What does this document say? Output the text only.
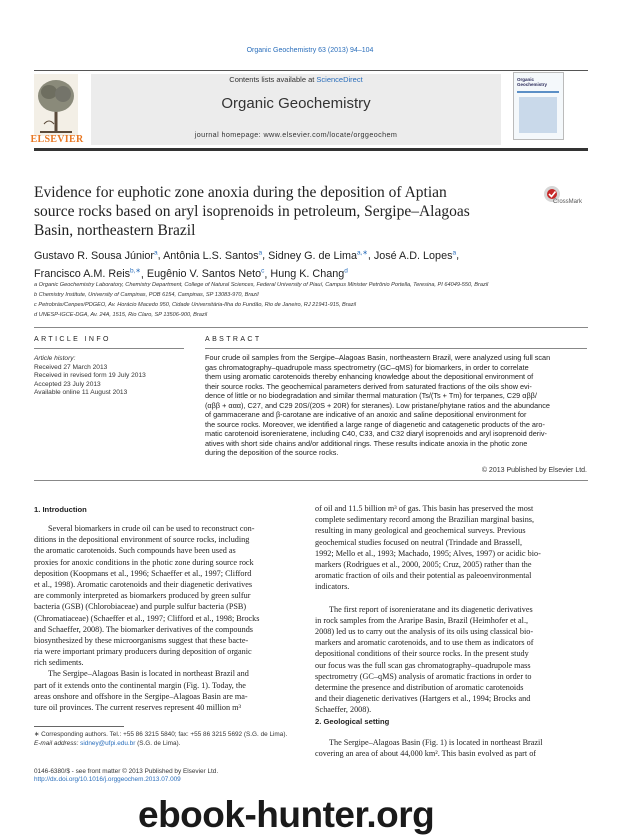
Organic Geochemistry 63 (2013) 94–104
ELSEVIER
Contents lists available at ScienceDirect
Organic Geochemistry
journal homepage: www.elsevier.com/locate/orggeochem
Organic Geochemistry
Evidence for euphotic zone anoxia during the deposition of Aptian
source rocks based on aryl isoprenoids in petroleum, Sergipe–Alagoas
Basin, northeastern Brazil
CrossMark
Gustavo R. Sousa Júnior$^a$, Antônia L.S. Santos$^a$, Sidney G. de Lima$^{a,∗}$, José A.D. Lopes$^a$,
Francisco A.M. Reis$^{b,∗}$, Eugênio V. Santos Neto$^c$, Hung K. Chang$^d$
a Organic Geochemistry Laboratory, Chemistry Department, College of Natural Sciences, Federal University of Piauí, Campus Minister Petrônio Portella, Teresina, PI 64049-550, Brazil
b Chemistry Institute, University of Campinas, POB 6154, Campinas, SP 13083-970, Brazil
c Petrobrás/Cenpes/PDGEO, Av. Horácio Macedo 950, Cidade Universitária-Ilha do Fundão, Rio de Janeiro, RJ 21941-915, Brazil
d UNESP-IGCE-DGA, Av. 24A, 1515, Rio Claro, SP 13506-900, Brazil
ARTICLE INFO
Article history:
Received 27 March 2013
Received in revised form 19 July 2013
Accepted 23 July 2013
Available online 11 August 2013
ABSTRACT
Four crude oil samples from the Sergipe–Alagoas Basin, northeastern Brazil, were analyzed using full scan
gas chromatography–quadrupole mass spectrometry (GC–qMS) for biomarkers, in order to correlate
them using aromatic carotenoids thereby enhancing knowledge about the depositional environment of
their source rocks. The geochemical parameters derived from saturated fractions of the oils show evi-
dence of little or no biodegradation and similar thermal maturation (Ts/(Ts + Tm) for terpanes, C29 αββ/
(αββ + ααα), C27, and C29 20S/(20S + 20R) for steranes). Low pristane/phytane ratios and the abundance
of gammacerane and β-carotane are indicative of an anoxic and saline depositional environment for
the source rocks. Moreover, we identified a large range of diagenetic and catagenetic products of the aro-
matic carotenoid isorenieratene, including C40, C33, and C32 diaryl isoprenoids and aryl isoprenoid deriv-
atives with short side chains and/or additional rings. These results indicate anoxia in the photic zone
during the deposition of the source rocks.
© 2013 Published by Elsevier Ltd.
1. Introduction
Several biomarkers in crude oil can be used to reconstruct con-
ditions in the depositional environment of source rocks, including
the aromatic carotenoids. Such compounds have been used as
proxies for anoxic conditions in the photic zone during source rock
deposition (Koopmans et al., 1996; Schaeffer et al., 1997; Clifford
et al., 1998). Aromatic carotenoids and their diagenetic derivatives
are commonly interpreted as biomarkers produced by green sulfur
bacteria (GSB) (Chlorobiaceae) and purple sulfur bacteria (PSB)
(Chromatiaceae) (Schaeffer et al., 1997; Clifford et al., 1998; Brocks
and Schaeffer, 2008). The biomarker derivatives of the compounds
biosynthesized by these microorganisms suggest that these bacte-
ria were important primary producers during deposition of organic
rich sediments.
The Sergipe–Alagoas Basin is located in northeast Brazil and
part of it extends onto the continental margin (Fig. 1). Today, the
areas onshore and offshore in the Sergipe–Alagoas Basin are ma-
ture oil provinces. The current reserves represent 40 million m³
of oil and 11.5 billion m³ of gas. This basin has preserved the most
complete sedimentary record among the Brazilian marginal basins,
resulting in many geological and geochemical surveys. Previous
geochemical studies focused on neutral (Trindade and Brassell,
1992; Mello et al., 1993; Machado, 1995; Alves, 1997) or acidic bio-
markers (Rodrigues et al., 2000, 2005; Cruz, 2005) rather than the
aromatic fraction of oils and their potential as paleoenvironmental
indicators.
The first report of isorenieratane and its diagenetic derivatives
in rock samples from the Araripe Basin, Brazil (Heimhofer et al.,
2008) led us to carry out the analysis of its oils using classical bio-
markers and aromatic carotenoids, and to use them as indicators of
depositional conditions of their source rocks. In the present study
our focus was the full scan gas chromatography–quadrupole mass
spectrometry (GC–qMS) analysis of aromatic fractions in order to
determine the presence and distribution of aromatic carotenoids
and their diagenetic derivatives (Hartgers et al., 1994; Brocks and
Schaeffer, 2008).
2. Geological setting
The Sergipe–Alagoas Basin (Fig. 1) is located in northeast Brazil
covering an area of about 44,000 km². This basin evolved as part of
∗ Corresponding authors. Tel.: +55 86 3215 5840; fax: +55 86 3215 5692 (S.G. de Lima).
E-mail address: sidney@ufpi.edu.br (S.G. de Lima).
0146-6380/$ - see front matter © 2013 Published by Elsevier Ltd.
http://dx.doi.org/10.1016/j.orggeochem.2013.07.009
ebook-hunter.org
